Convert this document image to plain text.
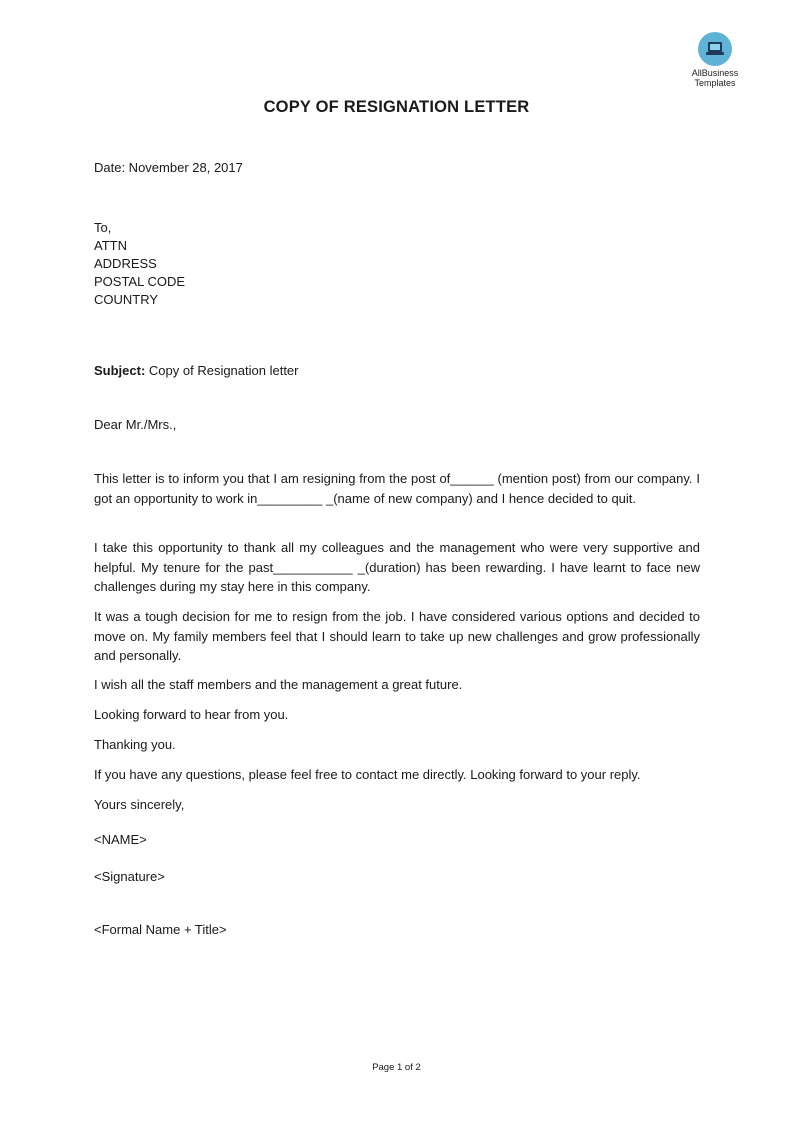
AllBusiness
Templates
COPY OF RESIGNATION LETTER
Date: November 28, 2017
To,
ATTN
ADDRESS
POSTAL CODE
COUNTRY
Subject: Copy of Resignation letter
Dear Mr./Mrs.,
This letter is to inform you that I am resigning from the post of______ (mention post) from our company. I got an opportunity to work in_________ _(name of new company) and I hence decided to quit.
I take this opportunity to thank all my colleagues and the management who were very supportive and helpful. My tenure for the past___________ _(duration) has been rewarding. I have learnt to face new challenges during my stay here in this company.
It was a tough decision for me to resign from the job. I have considered various options and decided to move on. My family members feel that I should learn to take up new challenges and grow professionally and personally.
I wish all the staff members and the management a great future.
Looking forward to hear from you.
Thanking you.
If you have any questions, please feel free to contact me directly. Looking forward to your reply.
Yours sincerely,
<NAME>
<Signature>
<Formal Name + Title>
Page 1 of 2
